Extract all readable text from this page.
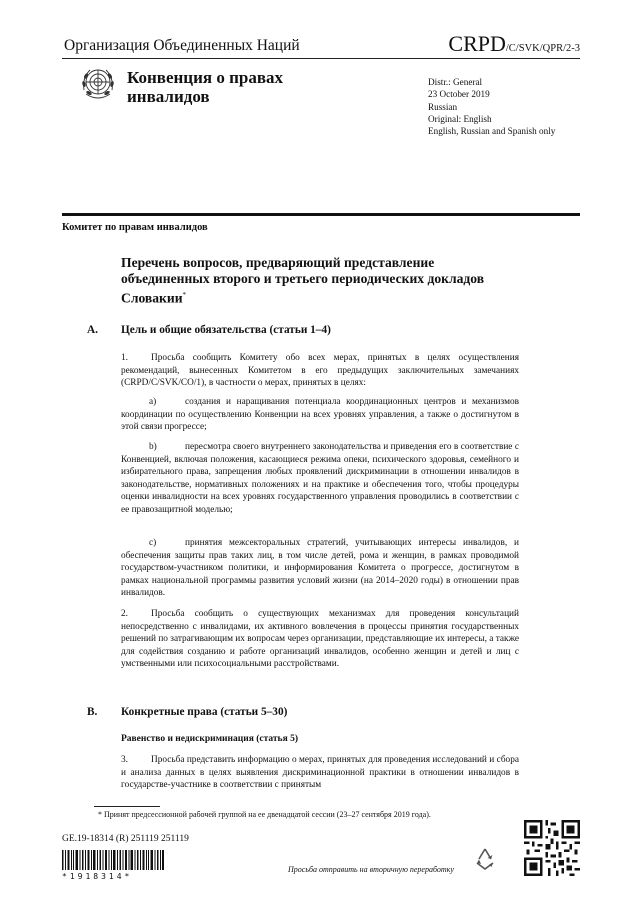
Организация Объединенных Наций	CRPD/C/SVK/QPR/2-3
Конвенция о правах инвалидов
Distr.: General
23 October 2019
Russian
Original: English
English, Russian and Spanish only
Комитет по правам инвалидов
Перечень вопросов, предваряющий представление объединенных второго и третьего периодических докладов Словакии*
A. Цель и общие обязательства (статьи 1–4)
1. Просьба сообщить Комитету обо всех мерах, принятых в целях осуществления рекомендаций, вынесенных Комитетом в его предыдущих заключительных замечаниях (CRPD/C/SVK/CO/1), в частности о мерах, принятых в целях:
a)	создания и наращивания потенциала координационных центров и механизмов координации по осуществлению Конвенции на всех уровнях управления, а также о достигнутом в этой связи прогрессе;
b)	пересмотра своего внутреннего законодательства и приведения его в соответствие с Конвенцией, включая положения, касающиеся режима опеки, психического здоровья, семейного и избирательного права, запрещения любых проявлений дискриминации в отношении инвалидов в законодательстве, нормативных положениях и на практике и обеспечения того, чтобы процедуры оценки инвалидности на всех уровнях государственного управления проводились в соответствии с ее правозащитной моделью;
c)	принятия межсекторальных стратегий, учитывающих интересы инвалидов, и обеспечения защиты прав таких лиц, в том числе детей, рома и женщин, в рамках проводимой государством-участником политики, и информирования Комитета о прогрессе, достигнутом в рамках национальной программы развития условий жизни (на 2014–2020 годы) в отношении прав инвалидов.
2. Просьба сообщить о существующих механизмах для проведения консультаций непосредственно с инвалидами, их активного вовлечения в процессы принятия государственных решений по затрагивающим их вопросам через организации, представляющие их интересы, а также для содействия созданию и работе организаций инвалидов, особенно женщин и детей и лиц с умственными или психосоциальными расстройствами.
B. Конкретные права (статьи 5–30)
Равенство и недискриминация (статья 5)
3. Просьба представить информацию о мерах, принятых для проведения исследований и сбора и анализа данных в целях выявления дискриминационной практики в отношении инвалидов в государстве-участнике в соответствии с принятым
* Принят предсессионной рабочей группой на ее двенадцатой сессии (23–27 сентября 2019 года).
GE.19-18314 (R) 251119 251119
*1918314*
Просьба отправить на вторичную переработку
